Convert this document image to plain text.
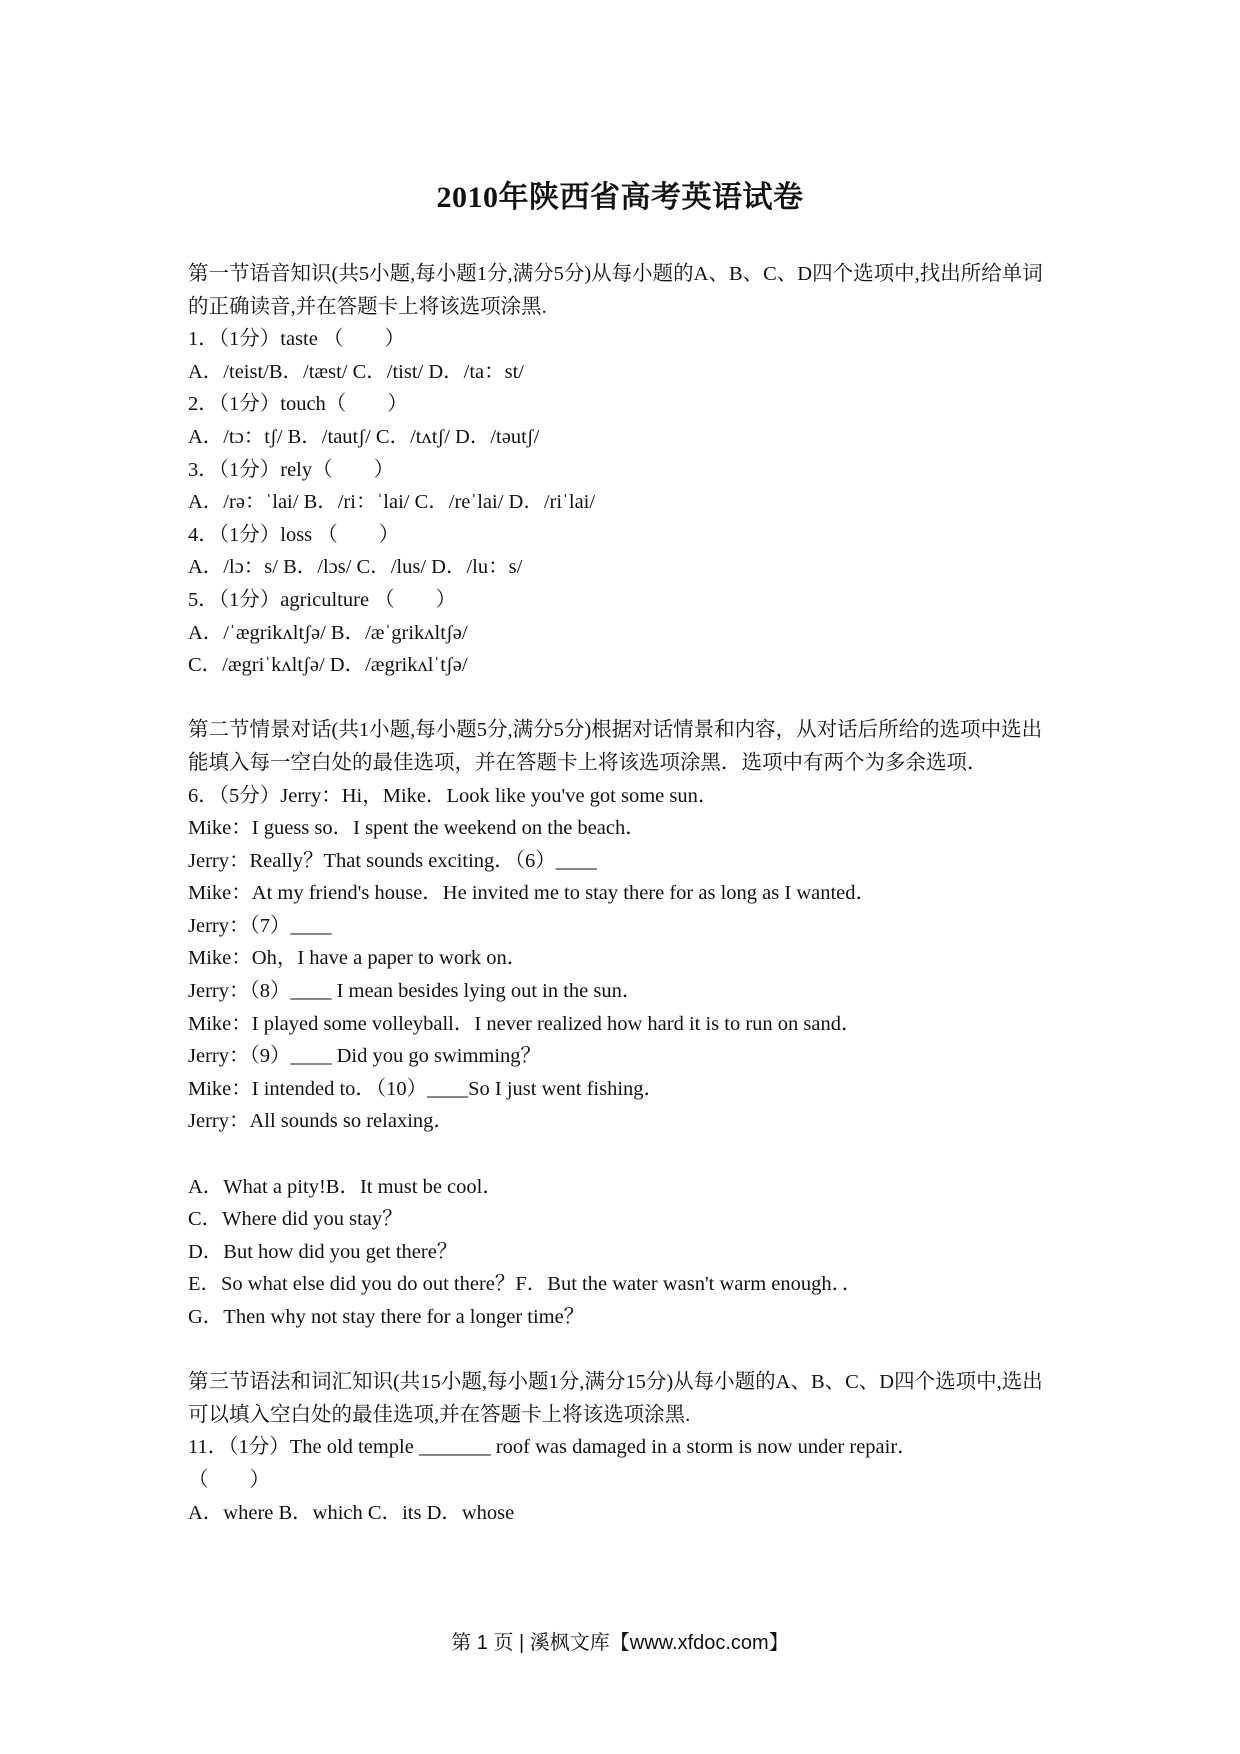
2010年陕西省高考英语试卷
第一节语音知识(共5小题,每小题1分,满分5分)从每小题的A、B、C、D四个选项中,找出所给单词的正确读音,并在答题卡上将该选项涂黑.
1．（1分）taste （　　）
A．/teist/B．/tæst/ C．/tist/ D．/ta：st/
2．（1分）touch（　　）
A．/tɔ：tʃ/ B．/tautʃ/ C．/tʌtʃ/ D．/təutʃ/
3．（1分）rely（　　）
A．/rə：ˈlai/ B．/ri：ˈlai/ C．/reˈlai/ D．/riˈlai/
4．（1分）loss （　　）
A．/lɔ：s/ B．/lɔs/ C．/lus/ D．/lu：s/
5．（1分）agriculture （　　）
A．/ˈægrikʌltʃə/ B．/æˈgrikʌltʃə/
C．/ægriˈkʌltʃə/ D．/ægrikʌlˈtʃə/
第二节情景对话(共1小题,每小题5分,满分5分)根据对话情景和内容，从对话后所给的选项中选出能填入每一空白处的最佳选项，并在答题卡上将该选项涂黑．选项中有两个为多余选项．
6．（5分）Jerry：Hi，Mike．Look like you've got some sun．
Mike：I guess so．I spent the weekend on the beach．
Jerry：Really？That sounds exciting．（6）____
Mike：At my friend's house．He invited me to stay there for as long as I wanted．
Jerry：（7）____
Mike：Oh，I have a paper to work on．
Jerry：（8）____ I mean besides lying out in the sun．
Mike：I played some volleyball．I never realized how hard it is to run on sand．
Jerry：（9）____ Did you go swimming？
Mike：I intended to．（10）____So I just went fishing．
Jerry：All sounds so relaxing．
A．What a pity!B．It must be cool．
C．Where did you stay？
D．But how did you get there？
E．So what else did you do out there？F．But the water wasn't warm enough．．
G．Then why not stay there for a longer time？
第三节语法和词汇知识(共15小题,每小题1分,满分15分)从每小题的A、B、C、D四个选项中,选出可以填入空白处的最佳选项,并在答题卡上将该选项涂黑.
11．（1分）The old temple _______ roof was damaged in a storm is now under repair．
（　　）
A．where B．which C．its D．whose
第 1 页 | 溪枫文库【www.xfdoc.com】
